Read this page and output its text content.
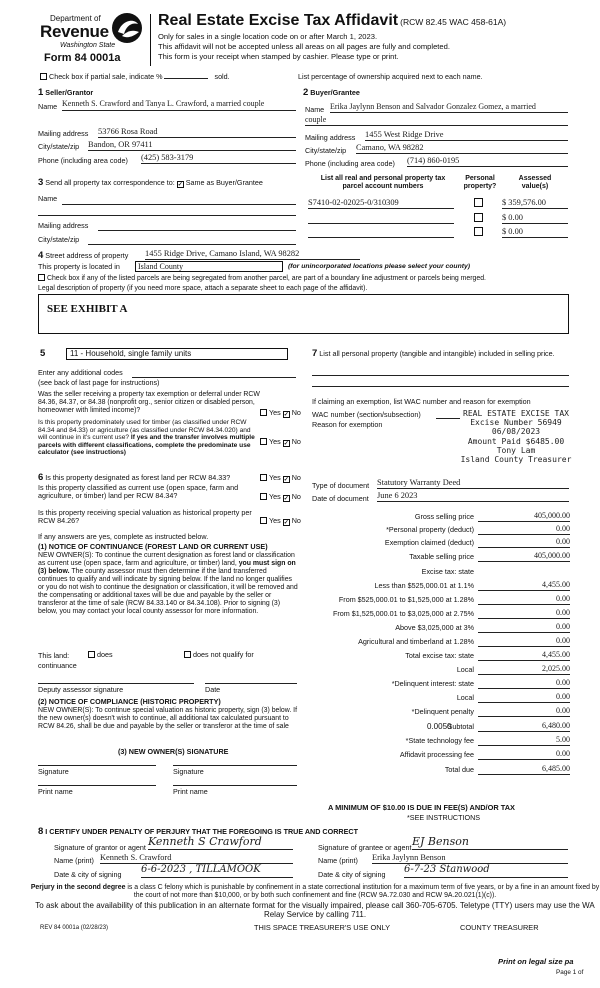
Department of
Revenue
Washington State
Form 84 0001a
Real Estate Excise Tax Affidavit (RCW 82.45 WAC 458-61A)
Only for sales in a single location code on or after March 1, 2023.
This affidavit will not be accepted unless all areas on all pages are fully and completed.
This form is your receipt when stamped by cashier. Please type or print.
Check box if partial sale, indicate %	sold.	List percentage of ownership acquired next to each name.
1 Seller/Grantor
Name Kenneth S. Crawford and Tanya L. Crawford, a married couple
Mailing address 53766 Rosa Road
City/state/zip Bandon, OR 97411
Phone (including area code) (425) 583-3179
2 Buyer/Grantee
Name Erika Jaylynn Benson and Salvador Gonzalez Gomez, a married
couple
Mailing address 1455 West Ridge Drive
City/state/zip Camano, WA 98282
Phone (including area code) (714) 860-0195
3 Send all property tax correspondence to: ✓ Same as Buyer/Grantee
Name
Mailing address
City/state/zip
List all real and personal property tax
parcel account numbers
Personal
property?
Assessed
value(s)
S7410-02-02025-0/310309	$ 359,576.00
$ 0.00
$ 0.00
4 Street address of property 1455 Ridge Drive, Camano Island, WA 98282
This property is located in	Island County	(for unincorporated locations please select your county)
Check box if any of the listed parcels are being segregated from another parcel, are part of a boundary line adjustment or parcels being merged.
Legal description of property (if you need more space, attach a separate sheet to each page of the affidavit).
SEE EXHIBIT A
5	11 - Household, single family units
Enter any additional codes
(see back of last page for instructions)
Was the seller receiving a property tax exemption or deferral under RCW 84.36, 84.37, or 84.38 (nonprofit org., senior citizen or disabled person, homeowner with limited income)?	Yes ✓ No
Is this property predominately used for timber (as classified under RCW 84.34 and 84.33) or agriculture (as classified under RCW 84.34.020) and will continue in it's current use? If yes and the transfer involves multiple parcels with different classifications, complete the predominate use calculator (see instructions)
Yes ✓ No
6 Is this property designated as forest land per RCW 84.33?	Yes ✓ No
Is this property classified as current use (open space, farm and agriculture, or timber) land per RCW 84.34?	Yes ✓ No
Is this property receiving special valuation as historical property per RCW 84.26?	Yes ✓ No
If any answers are yes, complete as instructed below.
(1) NOTICE OF CONTINUANCE (FOREST LAND OR CURRENT USE)
NEW OWNER(S): To continue the current designation as forest land or classification as current use (open space, farm and agriculture, or timber) land, you must sign on (3) below. The county assessor must then determine if the land transferred continues to qualify and will indicate by signing below. If the land no longer qualifies or you do not wish to continue the designation or classification, it will be removed and the compensating or additional taxes will be due and payable by the seller or transferor at the time of sale (RCW 84.33.140 or 84.34.108). Prior to signing (3) below, you may contact your local county assessor for more information.
This land:	does	does not qualify for
continuance
Deputy assessor signature	Date
(2) NOTICE OF COMPLIANCE (HISTORIC PROPERTY)
NEW OWNER(S): To continue special valuation as historic property, sign (3) below. If the new owner(s) doesn't wish to continue, all additional tax calculated pursuant to RCW 84.26, shall be due and payable by the seller or transferor at the time of sale
(3) NEW OWNER(S) SIGNATURE
Signature	Signature
Print name	Print name
7 List all personal property (tangible and intangible) included in selling price.
If claiming an exemption, list WAC number and reason for exemption
WAC number (section/subsection)
Reason for exemption
REAL ESTATE EXCISE TAX
Excise Number 56949
06/08/2023
Amount Paid $6485.00
Tony Lam
Island County Treasurer
Type of document Statutory Warranty Deed
Date of document June 6 2023
Gross selling price	405,000.00
*Personal property (deduct)	0.00
Exemption claimed (deduct)	0.00
Taxable selling price	405,000.00
Excise tax: state
Less than $525,000.01 at 1.1%	4,455.00
From $525,000.01 to $1,525,000 at 1.28%	0.00
From $1,525,000.01 to $3,025,000 at 2.75%	0.00
Above $3,025,000 at 3%	0.00
Agricultural and timberland at 1.28%	0.00
Total excise tax: state	4,455.00
Local	2,025.00
*Delinquent interest: state	0.00
Local	0.00
*Delinquent penalty	0.00
Subtotal	6,480.00
*State technology fee	5.00
Affidavit processing fee	0.00
Total due	6,485.00
0.0050
A MINIMUM OF $10.00 IS DUE IN FEE(S) AND/OR TAX
*SEE INSTRUCTIONS
8 I CERTIFY UNDER PENALTY OF PERJURY THAT THE FOREGOING IS TRUE AND CORRECT
Signature of grantor or agent Kenneth S Crawford
Name (print) Kenneth S. Crawford
Date & city of signing 6-6-2023 , TILLAMOOK
Signature of grantee or agent EJ Benson
Name (print) Erika Jaylynn Benson
Date & city of signing 6-7-23 Stanwood
Perjury in the second degree is a class C felony which is punishable by confinement in a state correctional institution for a maximum term of five years, or by a fine in an amount fixed by the court of not more than $10,000, or by both such confinement and fine (RCW 9A.72.030 and RCW 9A.20.021(1)(c)).
To ask about the availability of this publication in an alternate format for the visually impaired, please call 360-705-6705. Teletype (TTY) users may use the WA Relay Service by calling 711.
REV 84 0001a (02/28/23)	THIS SPACE TREASURER'S USE ONLY	COUNTY TREASURER
Print on legal size pa
Page 1 of
